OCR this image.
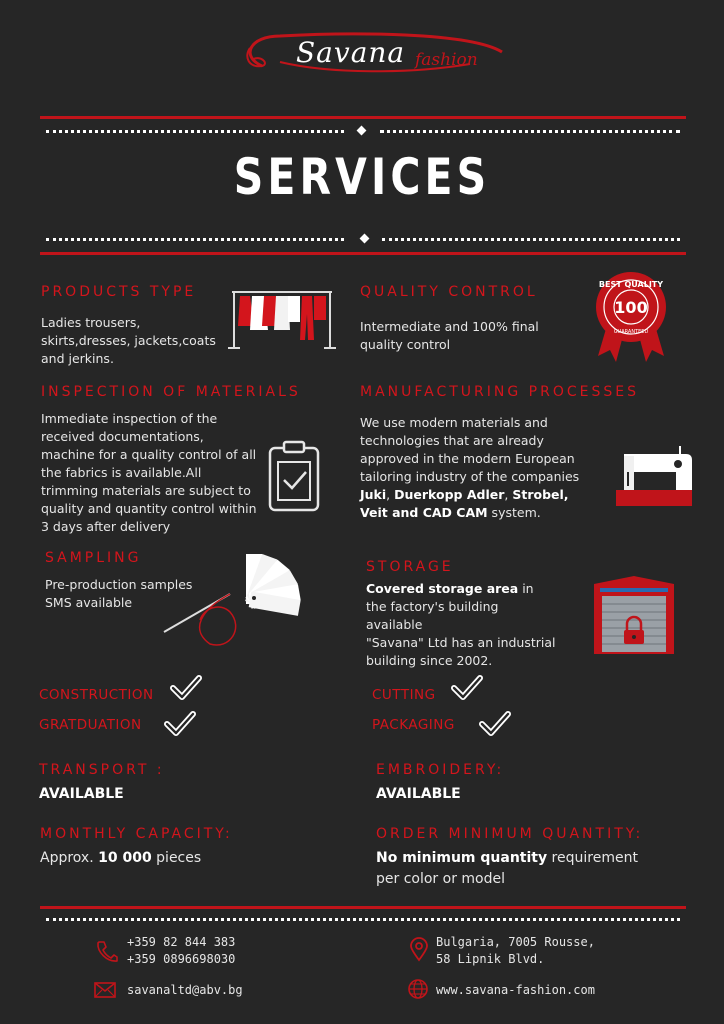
Savana fashion
SERVICES
PRODUCTS TYPE
Ladies trousers, skirts,dresses, jackets,coats and jerkins.
QUALITY CONTROL
Intermediate and 100% final quality control
BEST QUALITY
100
GUARANTEED
INSPECTION OF MATERIALS
Immediate inspection of the received documentations, machine for a quality control of all the fabrics is available.All trimming materials are subject to quality and quantity control within 3 days after delivery
MANUFACTURING PROCESSES
We use modern materials and technologies that are already approved in the modern European tailoring industry of the companies Juki, Duerkopp Adler, Strobel, Veit and CAD CAM system.
SAMPLING
Pre-production samples SMS available
STORAGE
Covered storage area in the factory's building available
"Savana" Ltd has an industrial building since 2002.
CONSTRUCTION
GRATDUATION
CUTTING
PACKAGING
TRANSPORT :
AVAILABLE
EMBROIDERY:
AVAILABLE
MONTHLY CAPACITY:
Approx. 10 000 pieces
ORDER MINIMUM QUANTITY:
No minimum quantity requirement
per color or model
+359 82 844 383
+359 0896698030
Bulgaria, 7005 Rousse,
58 Lipnik Blvd.
savanaltd@abv.bg	www.savana-fashion.com
